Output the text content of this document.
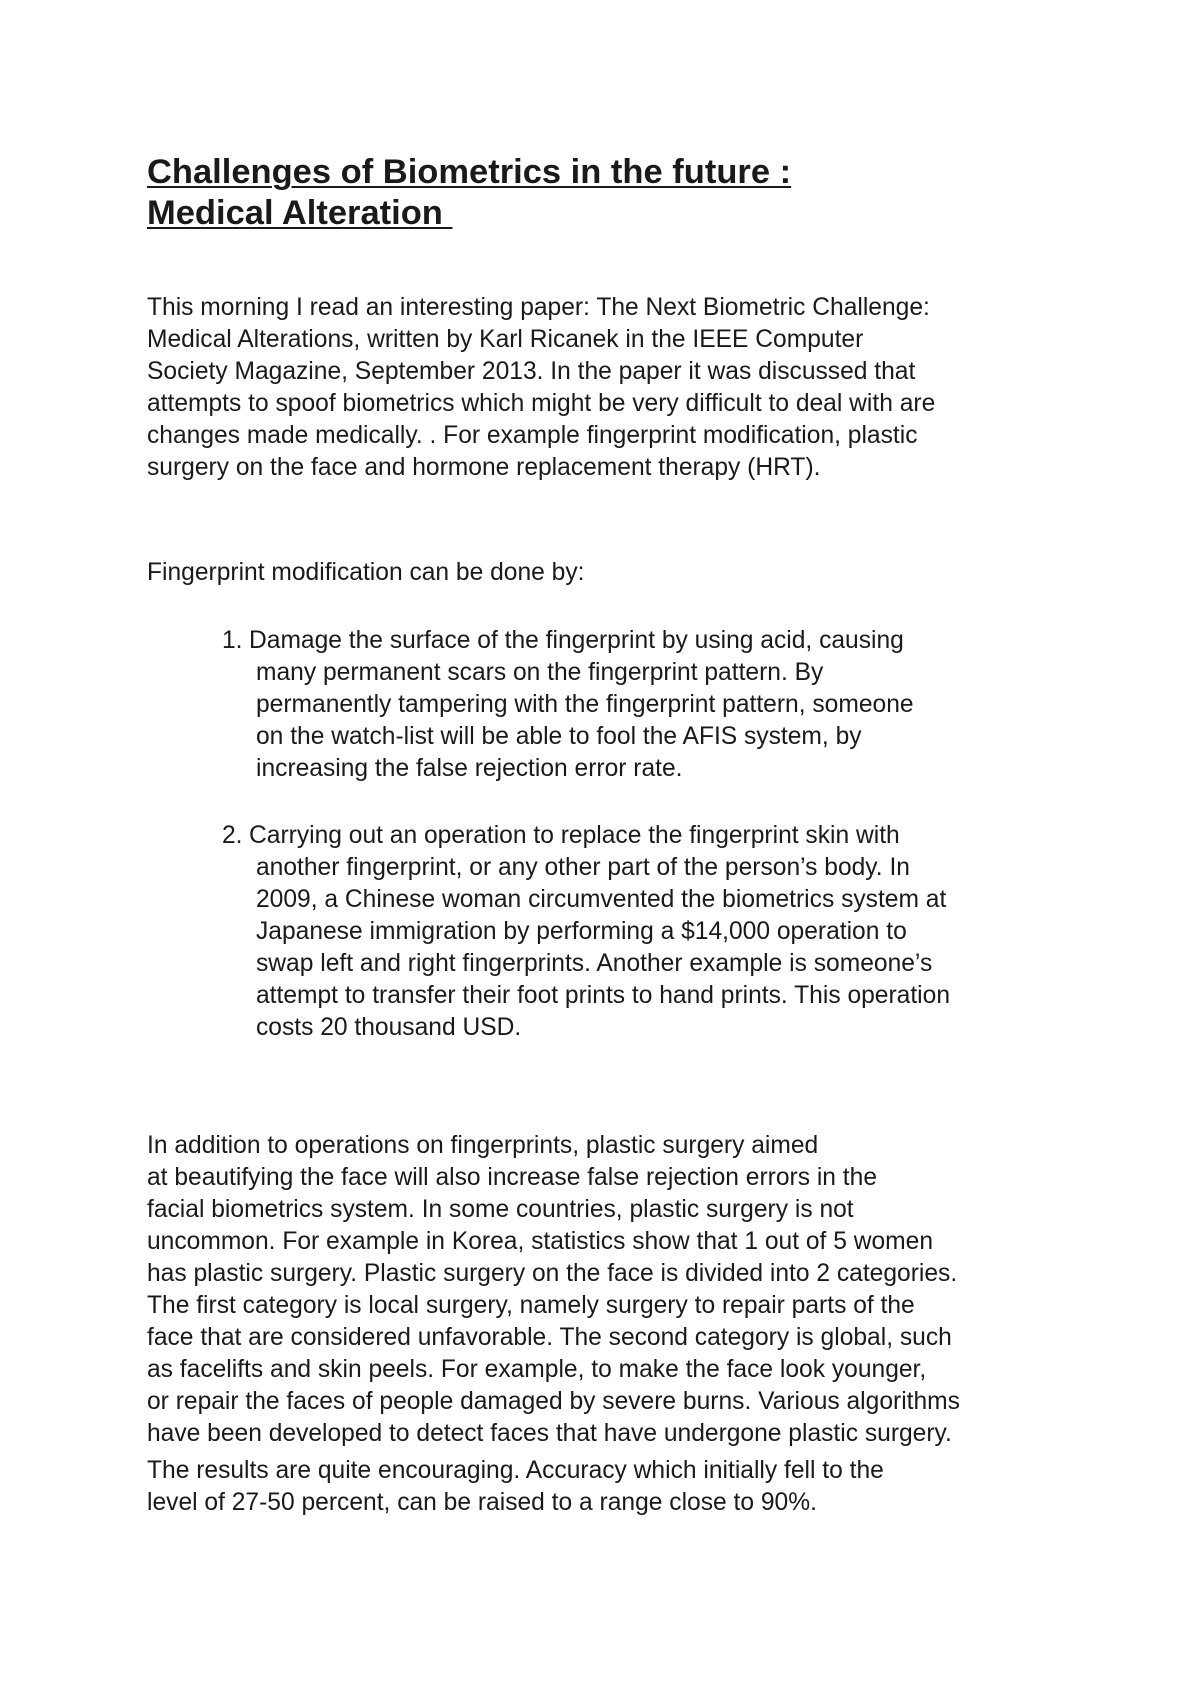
Challenges of Biometrics in the future :
Medical Alteration

This morning I read an interesting paper: The Next Biometric Challenge:
Medical Alterations, written by Karl Ricanek in the IEEE Computer
Society Magazine, September 2013. In the paper it was discussed that
attempts to spoof biometrics which might be very difficult to deal with are
changes made medically. . For example fingerprint modification, plastic
surgery on the face and hormone replacement therapy (HRT).

Fingerprint modification can be done by:

1. Damage the surface of the fingerprint by using acid, causing
many permanent scars on the fingerprint pattern. By
permanently tampering with the fingerprint pattern, someone
on the watch-list will be able to fool the AFIS system, by
increasing the false rejection error rate.
2. Carrying out an operation to replace the fingerprint skin with
another fingerprint, or any other part of the person’s body. In
2009, a Chinese woman circumvented the biometrics system at
Japanese immigration by performing a $14,000 operation to
swap left and right fingerprints. Another example is someone’s
attempt to transfer their foot prints to hand prints. This operation
costs 20 thousand USD.

In addition to operations on fingerprints, plastic surgery aimed
at beautifying the face will also increase false rejection errors in the
facial biometrics system. In some countries, plastic surgery is not
uncommon. For example in Korea, statistics show that 1 out of 5 women
has plastic surgery. Plastic surgery on the face is divided into 2 categories.
The first category is local surgery, namely surgery to repair parts of the
face that are considered unfavorable. The second category is global, such
as facelifts and skin peels. For example, to make the face look younger,
or repair the faces of people damaged by severe burns. Various algorithms
have been developed to detect faces that have undergone plastic surgery.

The results are quite encouraging. Accuracy which initially fell to the
level of 27-50 percent, can be raised to a range close to 90%.
